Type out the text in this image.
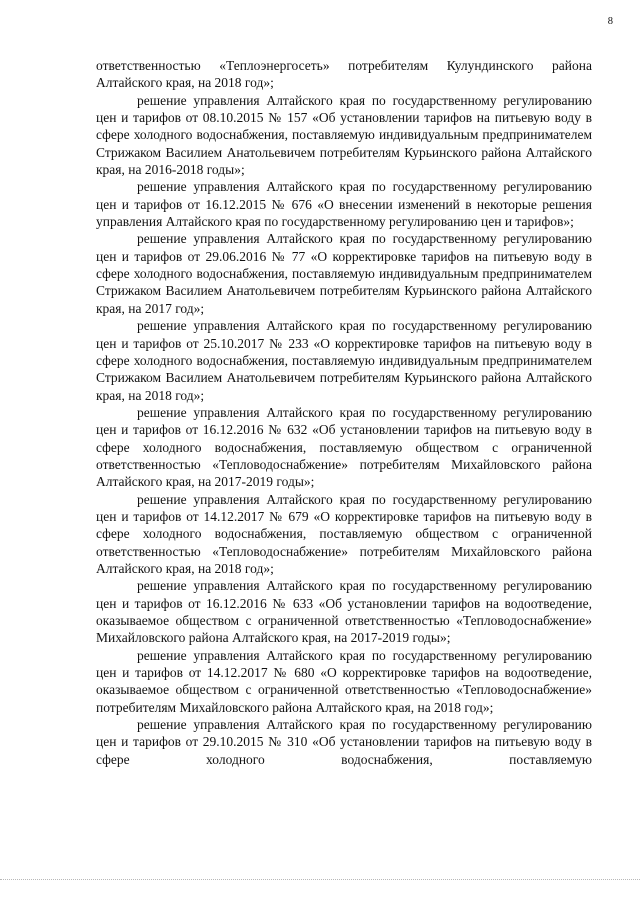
8

ответственностью «Теплоэнергосеть» потребителям Кулундинского района Алтайского края, на 2018 год»;

решение управления Алтайского края по государственному регулированию цен и тарифов от 08.10.2015 № 157 «Об установлении тарифов на питьевую воду в сфере холодного водоснабжения, поставляемую индивидуальным предпринимателем Стрижаком Василием Анатольевичем потребителям Курьинского района Алтайского края, на 2016-2018 годы»;

решение управления Алтайского края по государственному регулированию цен и тарифов от 16.12.2015 № 676 «О внесении изменений в некоторые решения управления Алтайского края по государственному регулированию цен и тарифов»;

решение управления Алтайского края по государственному регулированию цен и тарифов от 29.06.2016 № 77 «О корректировке тарифов на питьевую воду в сфере холодного водоснабжения, поставляемую индивидуальным предпринимателем Стрижаком Василием Анатольевичем потребителям Курьинского района Алтайского края, на 2017 год»;

решение управления Алтайского края по государственному регулированию цен и тарифов от 25.10.2017 № 233 «О корректировке тарифов на питьевую воду в сфере холодного водоснабжения, поставляемую индивидуальным предпринимателем Стрижаком Василием Анатольевичем потребителям Курьинского района Алтайского края, на 2018 год»;

решение управления Алтайского края по государственному регулированию цен и тарифов от 16.12.2016 № 632 «Об установлении тарифов на питьевую воду в сфере холодного водоснабжения, поставляемую обществом с ограниченной ответственностью «Тепловодоснабжение» потребителям Михайловского района Алтайского края, на 2017-2019 годы»;

решение управления Алтайского края по государственному регулированию цен и тарифов от 14.12.2017 № 679 «О корректировке тарифов на питьевую воду в сфере холодного водоснабжения, поставляемую обществом с ограниченной ответственностью «Тепловодоснабжение» потребителям Михайловского района Алтайского края, на 2018 год»;

решение управления Алтайского края по государственному регулированию цен и тарифов от 16.12.2016 № 633 «Об установлении тарифов на водоотведение, оказываемое обществом с ограниченной ответственностью «Тепловодоснабжение» Михайловского района Алтайского края, на 2017-2019 годы»;

решение управления Алтайского края по государственному регулированию цен и тарифов от 14.12.2017 № 680 «О корректировке тарифов на водоотведение, оказываемое обществом с ограниченной ответственностью «Тепловодоснабжение» потребителям Михайловского района Алтайского края, на 2018 год»;

решение управления Алтайского края по государственному регулированию цен и тарифов от 29.10.2015 № 310 «Об установлении тарифов на питьевую воду в сфере холодного водоснабжения, поставляемую
